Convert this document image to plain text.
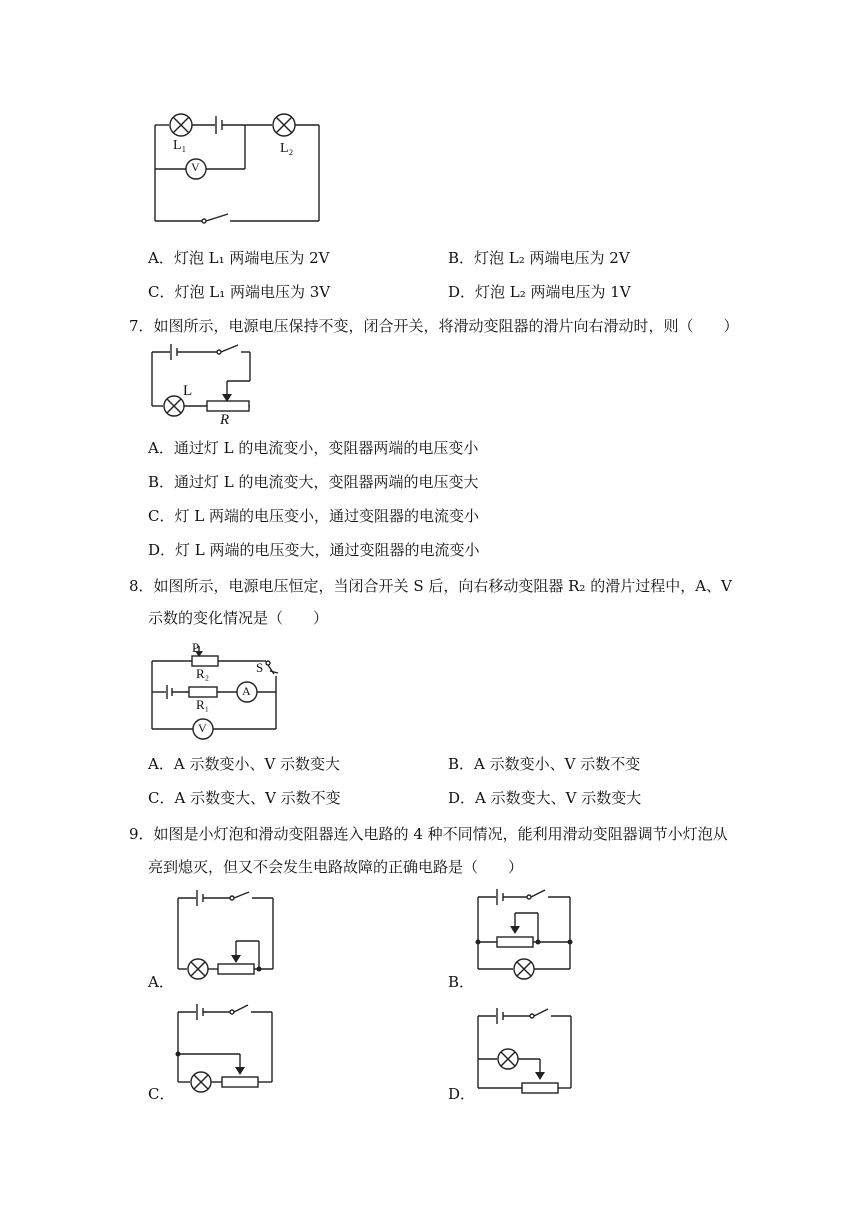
L₁	L₂
V
A．灯泡 L₁ 两端电压为 2V	B．灯泡 L₂ 两端电压为 2V
C．灯泡 L₁ 两端电压为 3V	D．灯泡 L₂ 两端电压为 1V
7．如图所示，电源电压保持不变，闭合开关，将滑动变阻器的滑片向右滑动时，则（　　）
L
R
A．通过灯 L 的电流变小，变阻器两端的电压变小
B．通过灯 L 的电流变大，变阻器两端的电压变大
C．灯 L 两端的电压变小，通过变阻器的电流变小
D．灯 L 两端的电压变大，通过变阻器的电流变小
8．如图所示，电源电压恒定，当闭合开关 S 后，向右移动变阻器 R₂ 的滑片过程中，A、V
示数的变化情况是（　　）
P
R₂	S
R₁
A
V
A．A 示数变小、V 示数变大	B．A 示数变小、V 示数不变
C．A 示数变大、V 示数不变	D．A 示数变大、V 示数变大
9．如图是小灯泡和滑动变阻器连入电路的 4 种不同情况，能利用滑动变阻器调节小灯泡从
亮到熄灭，但又不会发生电路故障的正确电路是（　　）
A．	B．
C．	D．
